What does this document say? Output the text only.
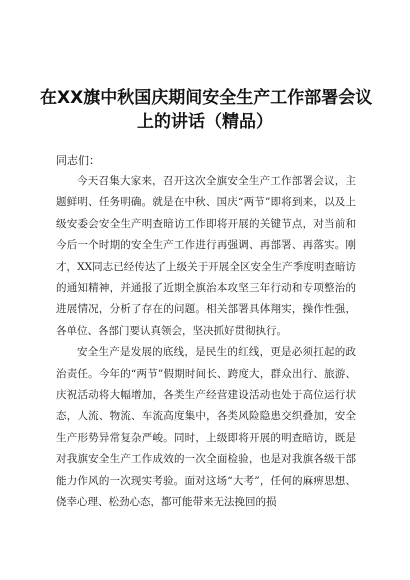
在XX旗中秋国庆期间安全生产工作部署会议
上的讲话（精品）
同志们：

今天召集大家来，召开这次全旗安全生产工作部署会议，主题鲜明、任务明确。就是在中秋、国庆“两节”即将到来，以及上级安委会安全生产明查暗访工作即将开展的关键节点，对当前和今后一个时期的安全生产工作进行再强调、再部署、再落实。刚才，XX同志已经传达了上级关于开展全区安全生产季度明查暗访的通知精神，并通报了近期全旗治本攻坚三年行动和专项整治的进展情况，分析了存在的问题。相关部署具体翔实，操作性强，各单位、各部门要认真领会，坚决抓好贯彻执行。

安全生产是发展的底线，是民生的红线，更是必须扛起的政治责任。今年的“两节”假期时间长、跨度大，群众出行、旅游、庆祝活动将大幅增加，各类生产经营建设活动也处于高位运行状态，人流、物流、车流高度集中，各类风险隐患交织叠加，安全生产形势异常复杂严峻。同时，上级即将开展的明查暗访，既是对我旗安全生产工作成效的一次全面检验，也是对我旗各级干部能力作风的一次现实考验。面对这场“大考”，任何的麻痹思想、侥幸心理、松劲心态，都可能带来无法挽回的损
